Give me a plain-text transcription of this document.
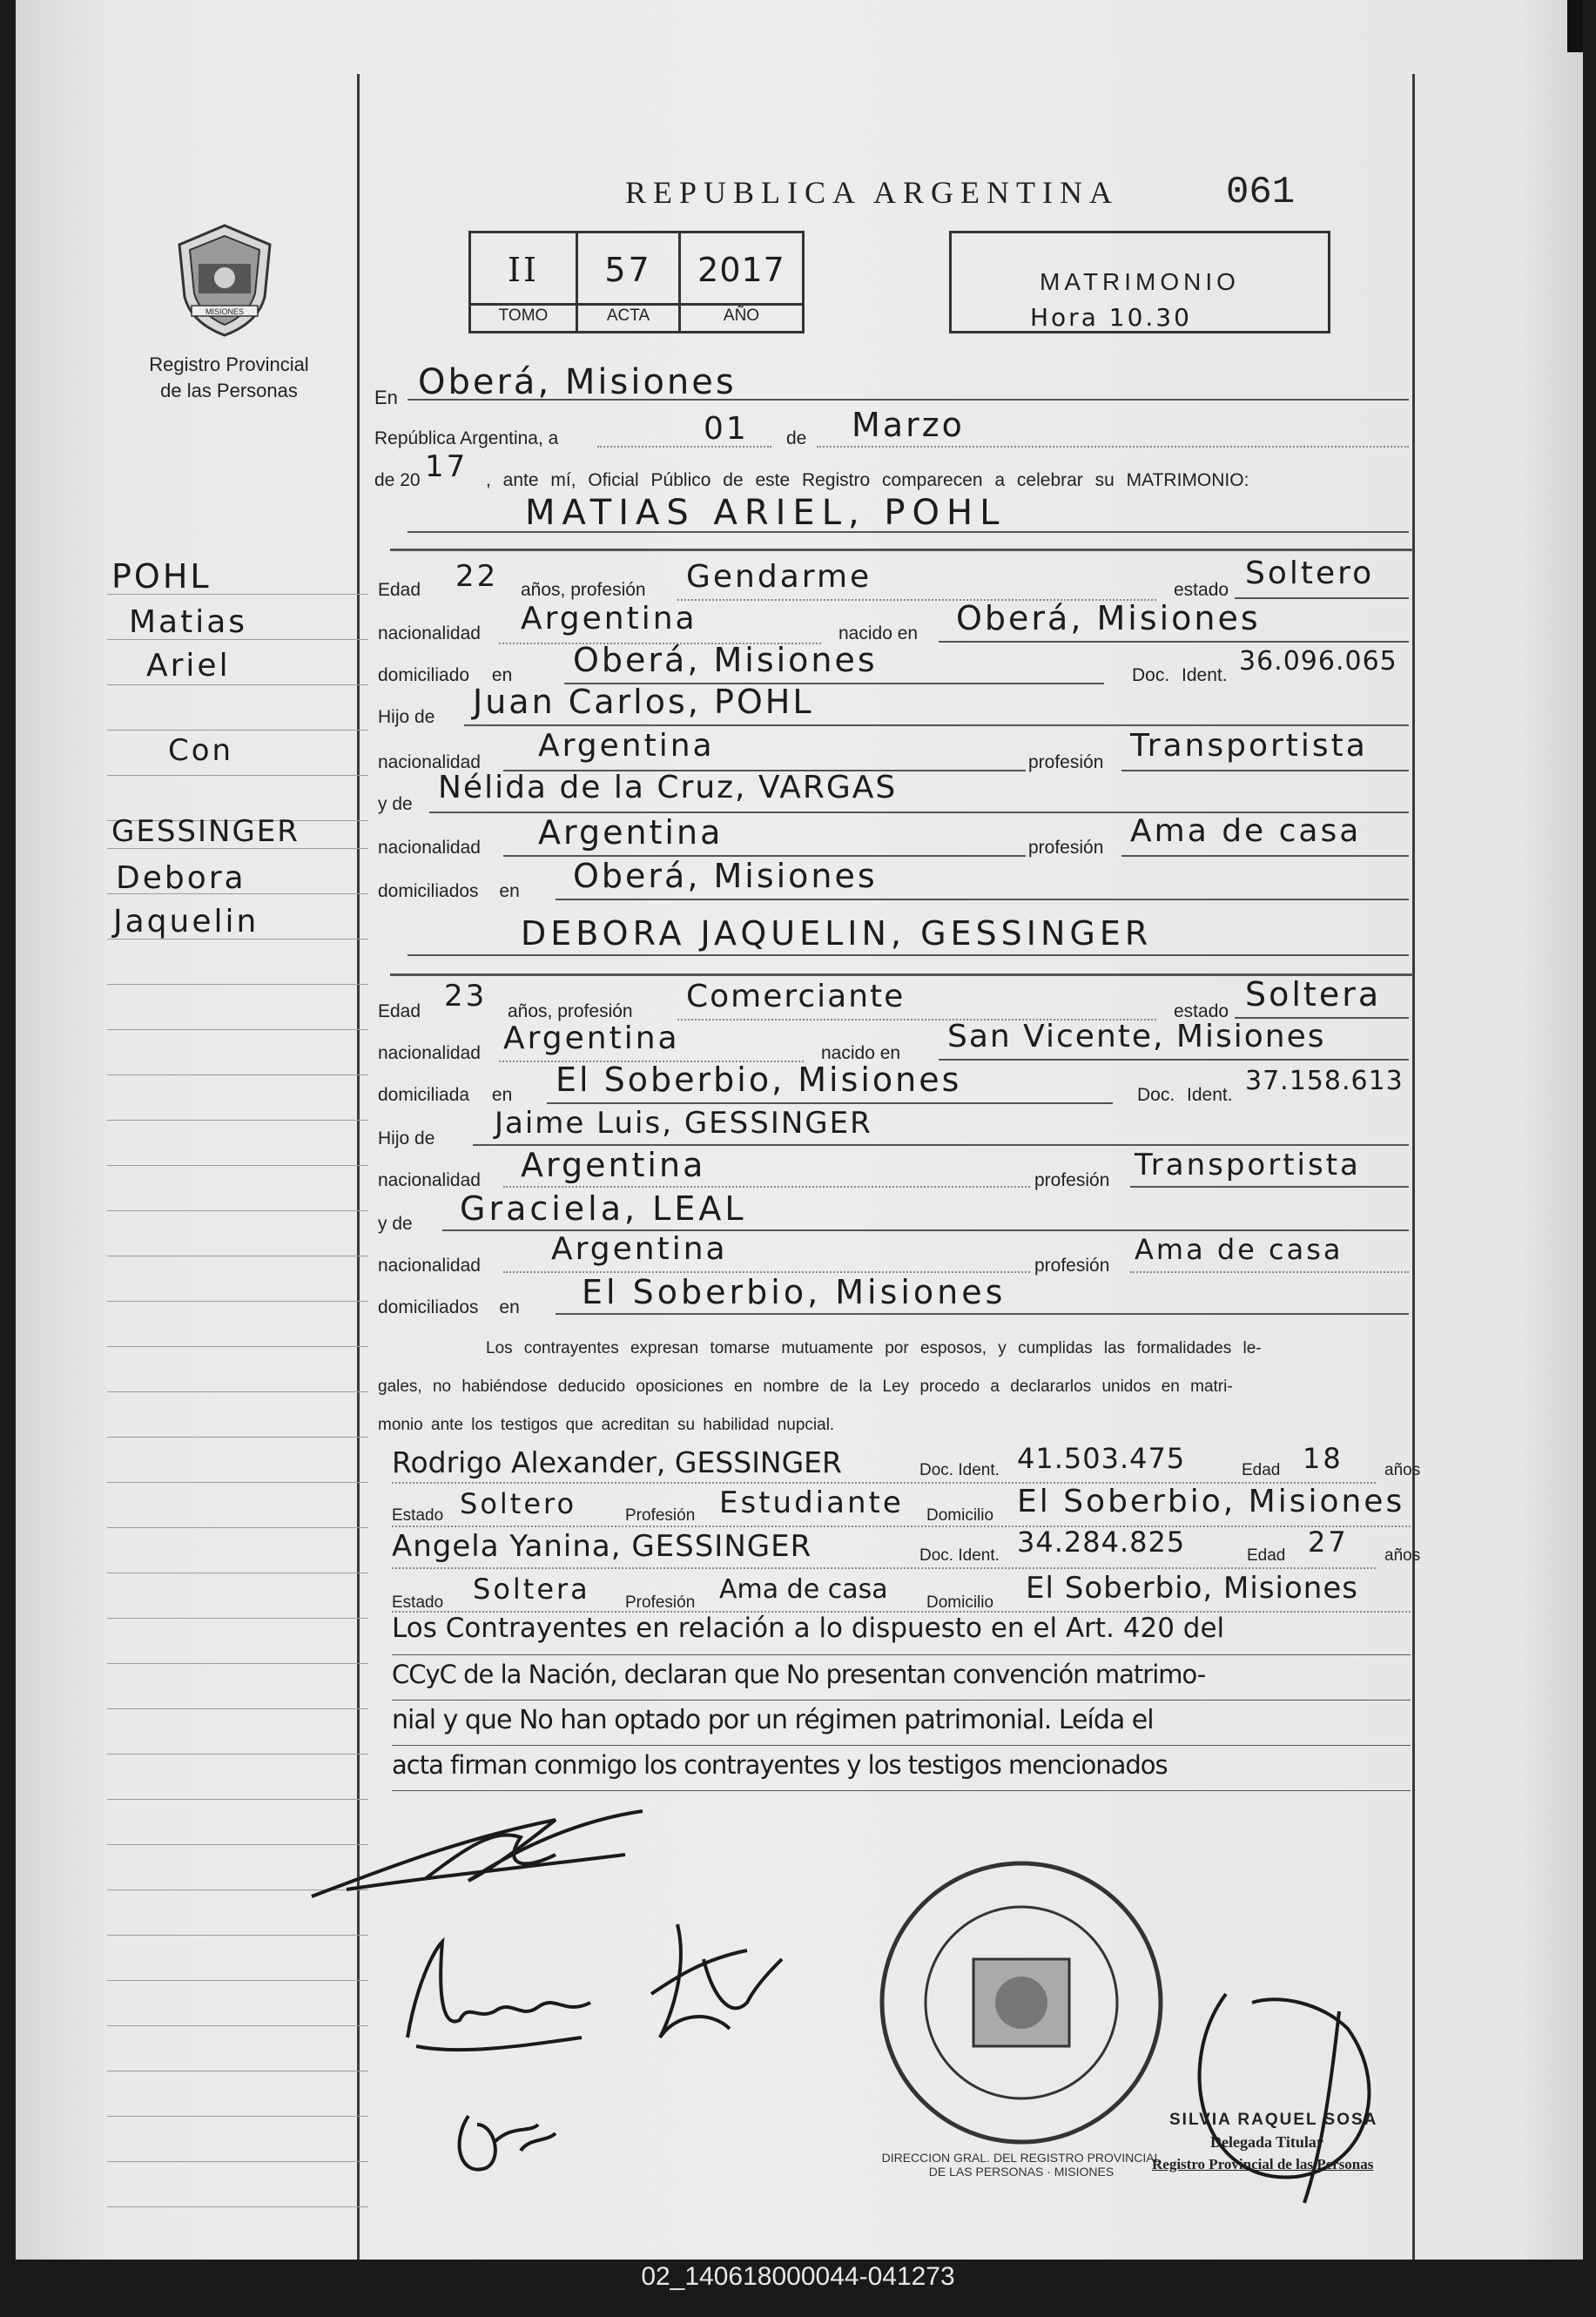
MISIONES
Registro Provincial
de las Personas
REPUBLICA ARGENTINA	061
II	57	2017
TOMO	ACTA	AÑO
MATRIMONIO
Hora 10.30
En Oberá, Misiones
República Argentina, a	01 de Marzo
de 20 17 , ante mí, Oficial Público de este Registro comparecen a celebrar su MATRIMONIO:
MATIAS ARIEL, POHL
POHL
Matias
Ariel
Con
GESSINGER
Debora
Jaquelin
Edad 22 años, profesión Gendarme	estado Soltero
nacionalidad Argentina	nacido en Oberá, Misiones
domiciliado en Oberá, Misiones	Doc. Ident. 36.096.065
Hijo de Juan Carlos, POHL
nacionalidad Argentina	profesión Transportista
y de Nélida de la Cruz, VARGAS
nacionalidad Argentina	profesión Ama de casa
domiciliados en Oberá, Misiones
DEBORA JAQUELIN, GESSINGER
Edad 23 años, profesión Comerciante	estado Soltera
nacionalidad Argentina	nacido en San Vicente, Misiones
domiciliada en El Soberbio, Misiones	Doc. Ident. 37.158.613
Hijo de Jaime Luis, GESSINGER
nacionalidad Argentina	profesión Transportista
y de Graciela, LEAL
nacionalidad Argentina	profesión Ama de casa
domiciliados en El Soberbio, Misiones
Los contrayentes expresan tomarse mutuamente por esposos, y cumplidas las formalidades le-
gales, no habiéndose deducido oposiciones en nombre de la Ley procedo a declararlos unidos en matri-
monio ante los testigos que acreditan su habilidad nupcial.
Rodrigo Alexander, GESSINGER	Doc. Ident. 41.503.475	Edad 18 años
Estado Soltero	Profesión Estudiante Domicilio El Soberbio, Misiones
Angela Yanina, GESSINGER	Doc. Ident. 34.284.825	Edad 27 años
Estado Soltera Profesión Ama de casa Domicilio El Soberbio, Misiones
Los Contrayentes en relación a lo dispuesto en el Art. 420 del
CCyC de la Nación, declaran que No presentan convención matrimo-
nial y que No han optado por un régimen patrimonial. Leída el
acta firman conmigo los contrayentes y los testigos mencionados
DIRECCION GRAL. DEL REGISTRO PROVINCIAL DE LAS PERSONAS · MISIONES
SILVIA RAQUEL SOSA
Delegada Titular
Registro Provincial de las Personas
02_140618000044-041273
